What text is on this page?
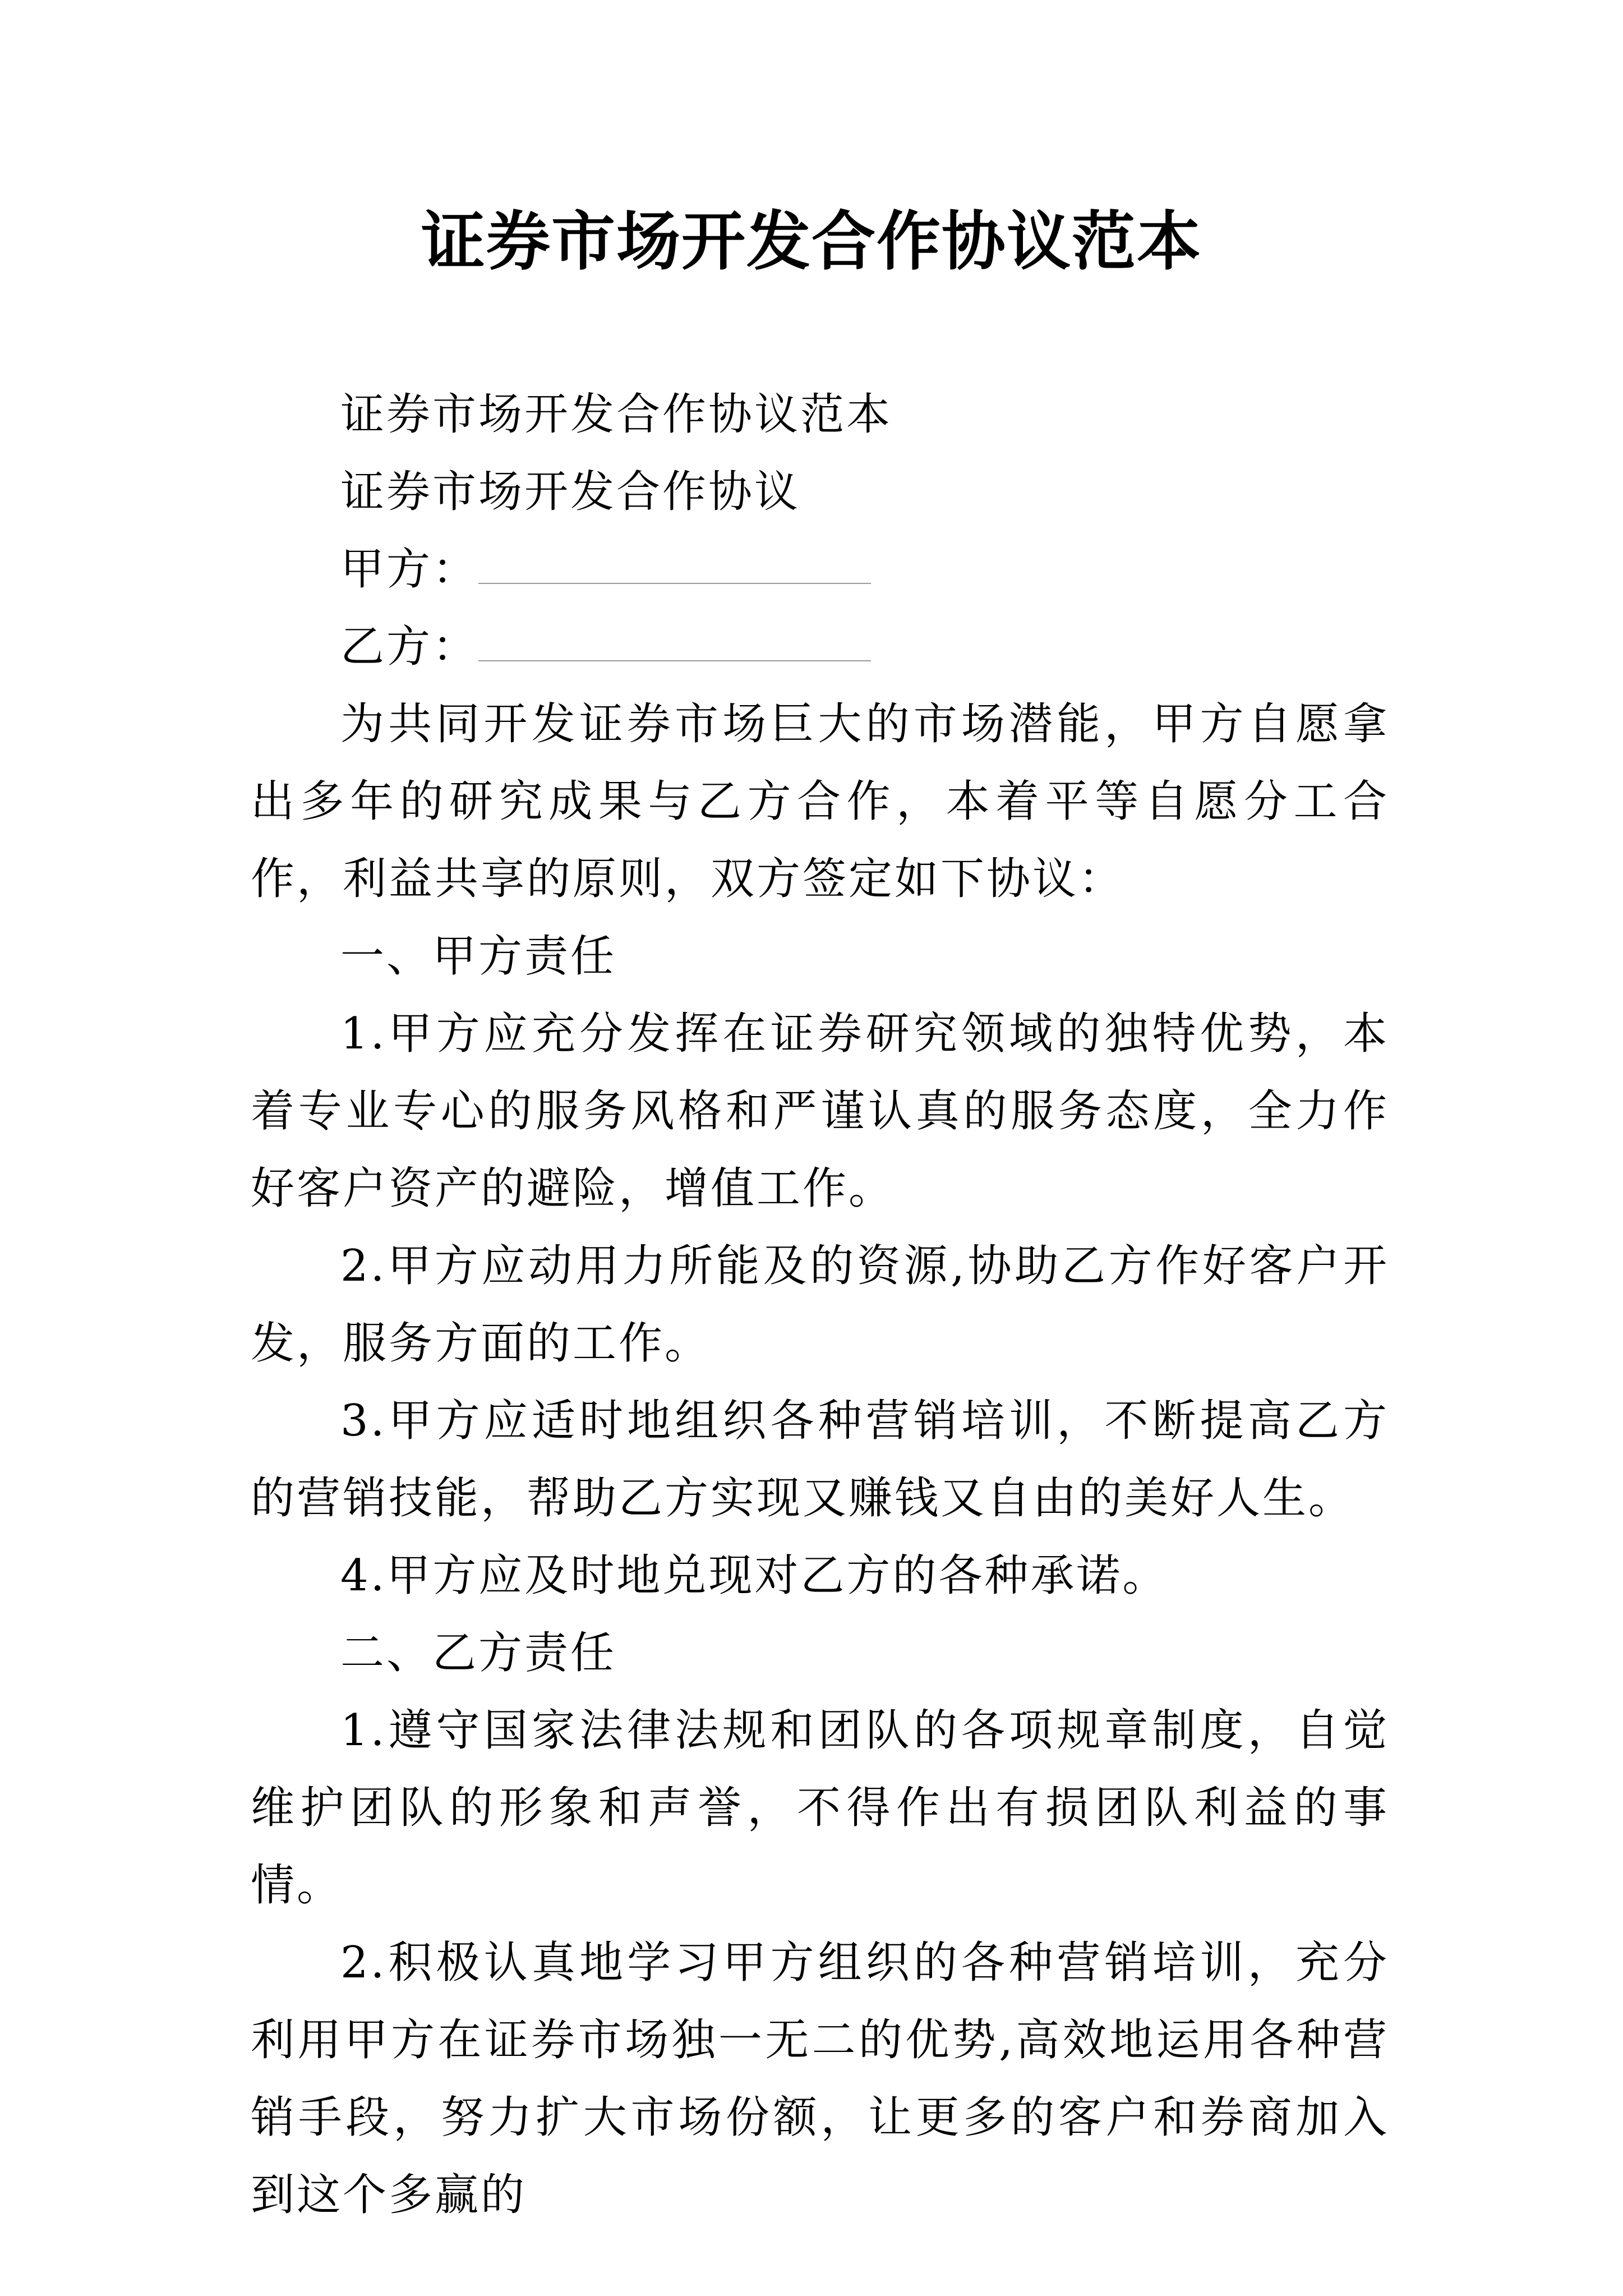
证券市场开发合作协议范本

证券市场开发合作协议范本

证券市场开发合作协议

甲方：

乙方：

为共同开发证券市场巨大的市场潜能，甲方自愿拿出多年的研究成果与乙方合作，本着平等自愿分工合作，利益共享的原则，双方签定如下协议：

一、甲方责任

1.甲方应充分发挥在证券研究领域的独特优势，本着专业专心的服务风格和严谨认真的服务态度，全力作好客户资产的避险，增值工作。

2.甲方应动用力所能及的资源,协助乙方作好客户开发，服务方面的工作。

3.甲方应适时地组织各种营销培训，不断提高乙方的营销技能，帮助乙方实现又赚钱又自由的美好人生。

4.甲方应及时地兑现对乙方的各种承诺。

二、乙方责任

1.遵守国家法律法规和团队的各项规章制度，自觉维护团队的形象和声誉，不得作出有损团队利益的事情。

2.积极认真地学习甲方组织的各种营销培训，充分利用甲方在证券市场独一无二的优势,高效地运用各种营销手段，努力扩大市场份额，让更多的客户和券商加入到这个多赢的
